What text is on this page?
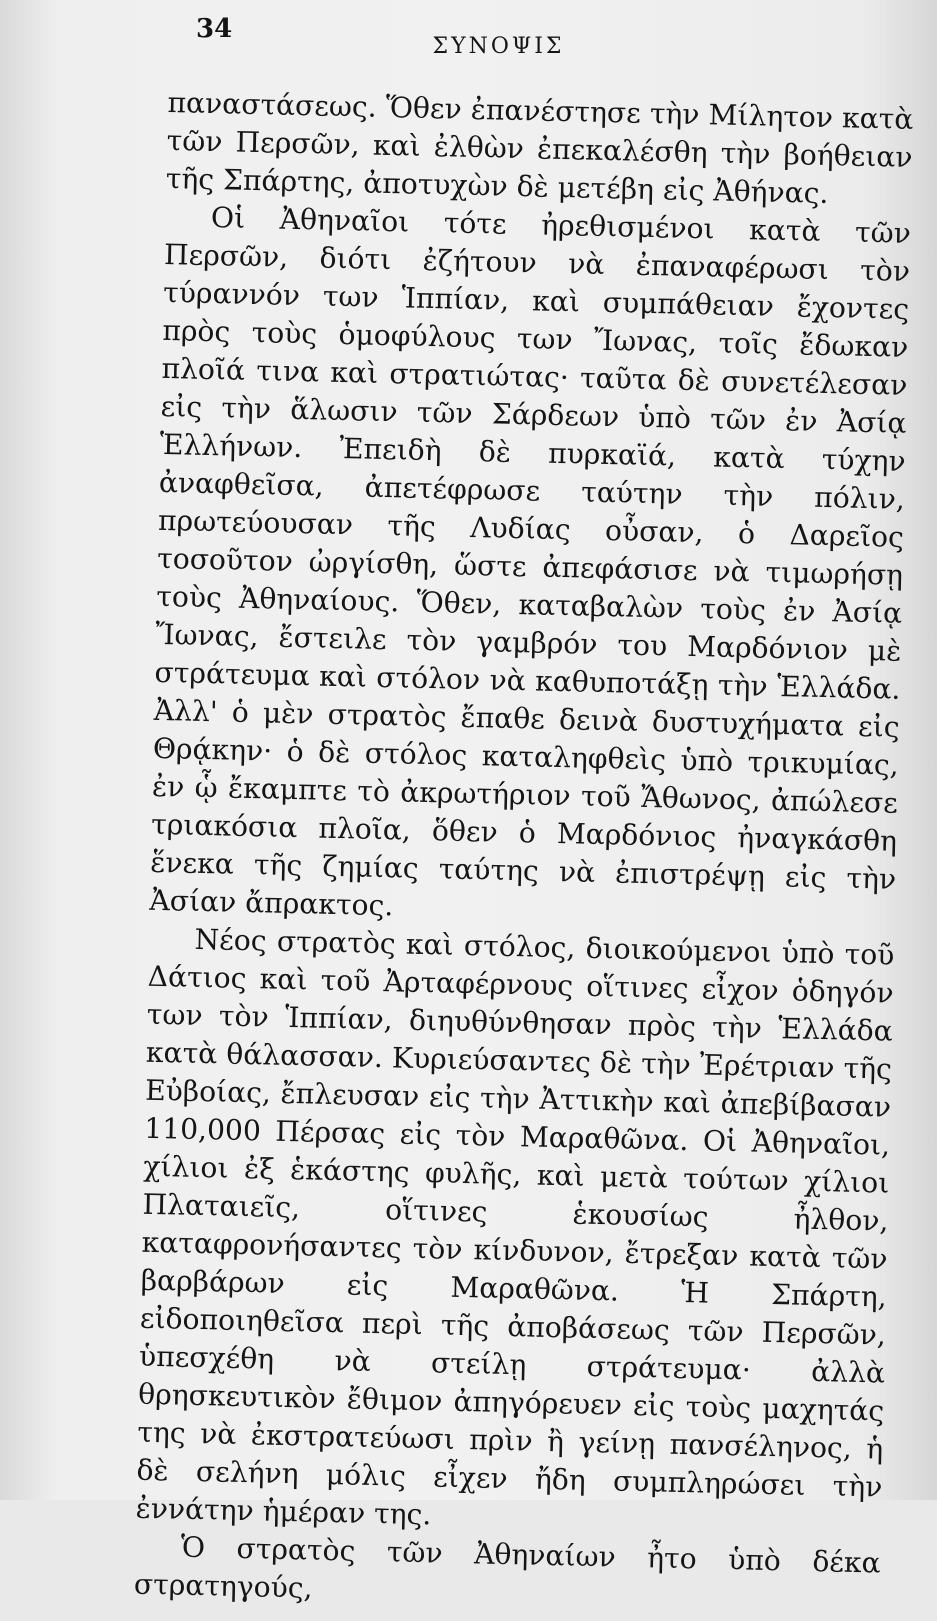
34
ΣΥΝΟΨΙΣ

παναστάσεως. Ὅθεν ἐπανέστησε τὴν Μίλητον κατὰ τῶν Περσῶν, καὶ ἐλθὼν ἐπεκαλέσθη τὴν βοήθειαν τῆς Σπάρτης, ἀποτυχὼν δὲ μετέβη εἰς Ἀθήνας.

Οἱ Ἀθηναῖοι τότε ἠρεθισμένοι κατὰ τῶν Περσῶν, διότι ἐζήτουν νὰ ἐπαναφέρωσι τὸν τύραννόν των Ἱππίαν, καὶ συμπάθειαν ἔχοντες πρὸς τοὺς ὁμοφύλους των Ἴωνας, τοῖς ἔδωκαν πλοῖά τινα καὶ στρατιώτας· ταῦτα δὲ συνετέλεσαν εἰς τὴν ἅλωσιν τῶν Σάρδεων ὑπὸ τῶν ἐν Ἀσίᾳ Ἑλλήνων. Ἐπειδὴ δὲ πυρκαϊά, κατὰ τύχην ἀναφθεῖσα, ἀπετέφρωσε ταύτην τὴν πόλιν, πρωτεύουσαν τῆς Λυδίας οὖσαν, ὁ Δαρεῖος τοσοῦτον ὠργίσθη, ὥστε ἀπεφάσισε νὰ τιμωρήσῃ τοὺς Ἀθηναίους. Ὅθεν, καταβαλὼν τοὺς ἐν Ἀσίᾳ Ἴωνας, ἔστειλε τὸν γαμβρόν του Μαρδόνιον μὲ στράτευμα καὶ στόλον νὰ καθυποτάξῃ τὴν Ἑλλάδα. Ἀλλ' ὁ μὲν στρατὸς ἔπαθε δεινὰ δυστυχήματα εἰς Θρᾴκην· ὁ δὲ στόλος καταληφθεὶς ὑπὸ τρικυμίας, ἐν ᾧ ἔκαμπτε τὸ ἀκρωτήριον τοῦ Ἄθωνος, ἀπώλεσε τριακόσια πλοῖα, ὅθεν ὁ Μαρδόνιος ἠναγκάσθη ἕνεκα τῆς ζημίας ταύτης νὰ ἐπιστρέψῃ εἰς τὴν Ἀσίαν ἄπρακτος.

Νέος στρατὸς καὶ στόλος, διοικούμενοι ὑπὸ τοῦ Δάτιος καὶ τοῦ Ἀρταφέρνους οἵτινες εἶχον ὁδηγόν των τὸν Ἱππίαν, διηυθύνθησαν πρὸς τὴν Ἑλλάδα κατὰ θάλασσαν. Κυριεύσαντες δὲ τὴν Ἐρέτριαν τῆς Εὐβοίας, ἔπλευσαν εἰς τὴν Ἀττικὴν καὶ ἀπεβίβασαν 110,000 Πέρσας εἰς τὸν Μαραθῶνα. Οἱ Ἀθηναῖοι, χίλιοι ἐξ ἑκάστης φυλῆς, καὶ μετὰ τούτων χίλιοι Πλαταιεῖς, οἵτινες ἑκουσίως ἦλθον, καταφρονήσαντες τὸν κίνδυνον, ἔτρεξαν κατὰ τῶν βαρβάρων εἰς Μαραθῶνα. Ἡ Σπάρτη, εἰδοποιηθεῖσα περὶ τῆς ἀποβάσεως τῶν Περσῶν, ὑπεσχέθη νὰ στείλῃ στράτευμα· ἀλλὰ θρησκευτικὸν ἔθιμον ἀπηγόρευεν εἰς τοὺς μαχητάς της νὰ ἐκστρατεύωσι πρὶν ἢ γείνῃ πανσέληνος, ἡ δὲ σελήνη μόλις εἶχεν ἤδη συμπληρώσει τὴν ἐννάτην ἡμέραν της.

Ὁ στρατὸς τῶν Ἀθηναίων ἦτο ὑπὸ δέκα στρατηγούς,
